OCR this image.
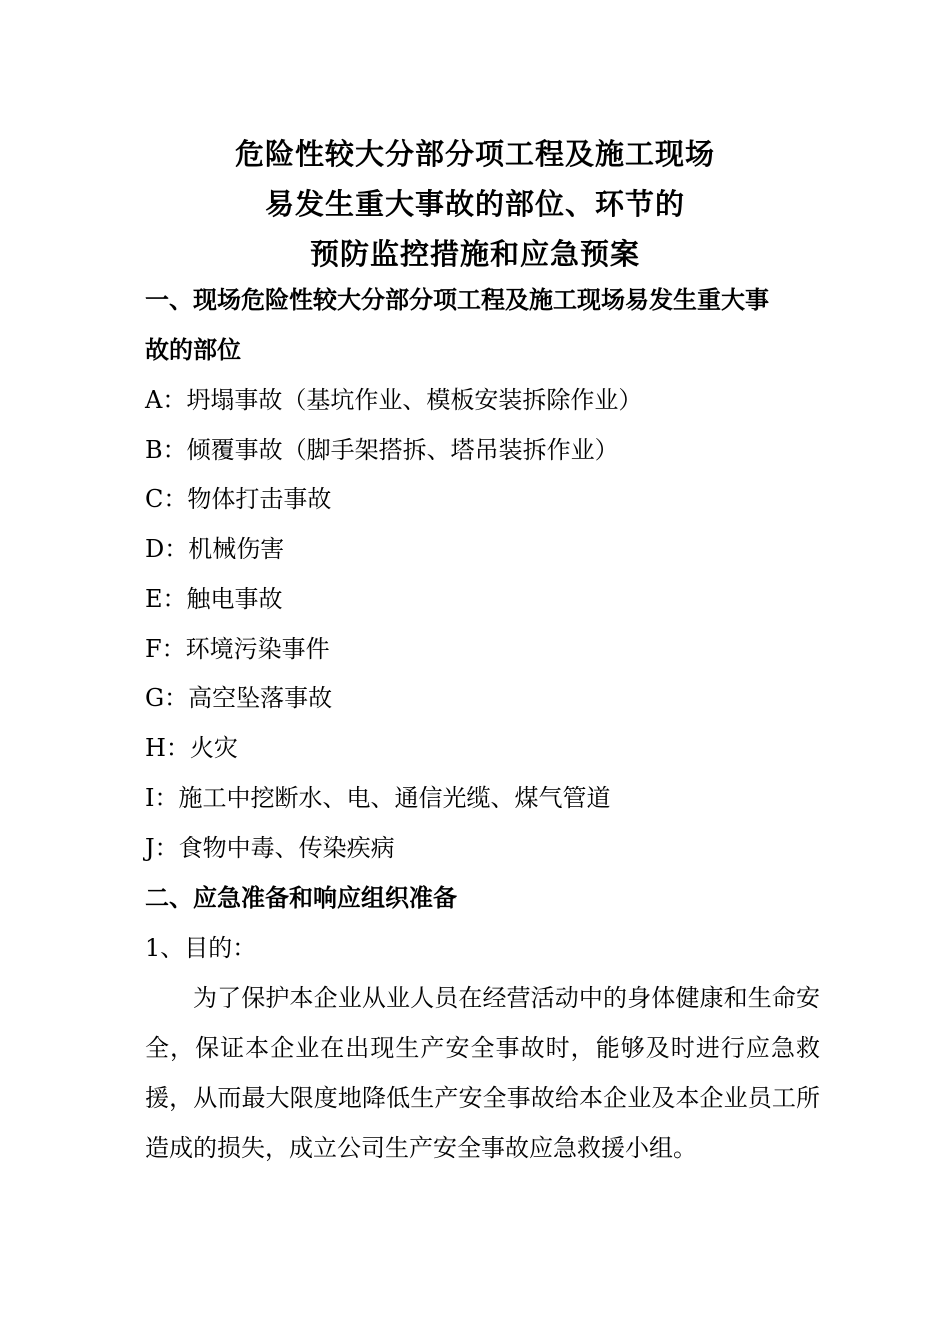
危险性较大分部分项工程及施工现场
易发生重大事故的部位、环节的
预防监控措施和应急预案
一、现场危险性较大分部分项工程及施工现场易发生重大事
故的部位
A：坍塌事故（基坑作业、模板安装拆除作业）
B：倾覆事故（脚手架搭拆、塔吊装拆作业）
C：物体打击事故
D：机械伤害
E：触电事故
F：环境污染事件
G：高空坠落事故
H：火灾
I：施工中挖断水、电、通信光缆、煤气管道
J：食物中毒、传染疾病
二、应急准备和响应组织准备
1、目的：
为了保护本企业从业人员在经营活动中的身体健康和生命安全，保证本企业在出现生产安全事故时，能够及时进行应急救援，从而最大限度地降低生产安全事故给本企业及本企业员工所造成的损失，成立公司生产安全事故应急救援小组。
